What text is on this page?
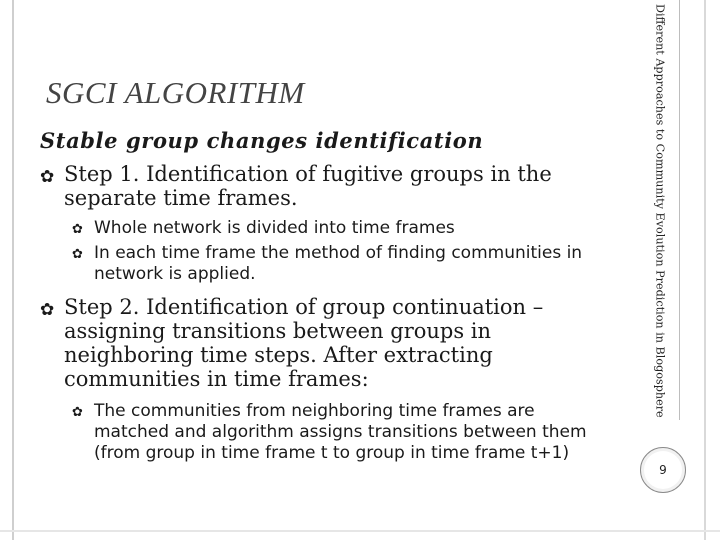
SGCI ALGORITHM
Stable group changes identification

✿ Step 1. Identification of fugitive groups in the separate time frames.

✿ Whole network is divided into time frames

✿ In each time frame the method of finding communities in network is applied.

✿ Step 2. Identification of group continuation – assigning transitions between groups in neighboring time steps. After extracting communities in time frames:

✿ The communities from neighboring time frames are matched and algorithm assigns transitions between them (from group in time frame t to group in time frame t+1)

Different Approaches to Community Evolution Prediction in Blogosphere
9
